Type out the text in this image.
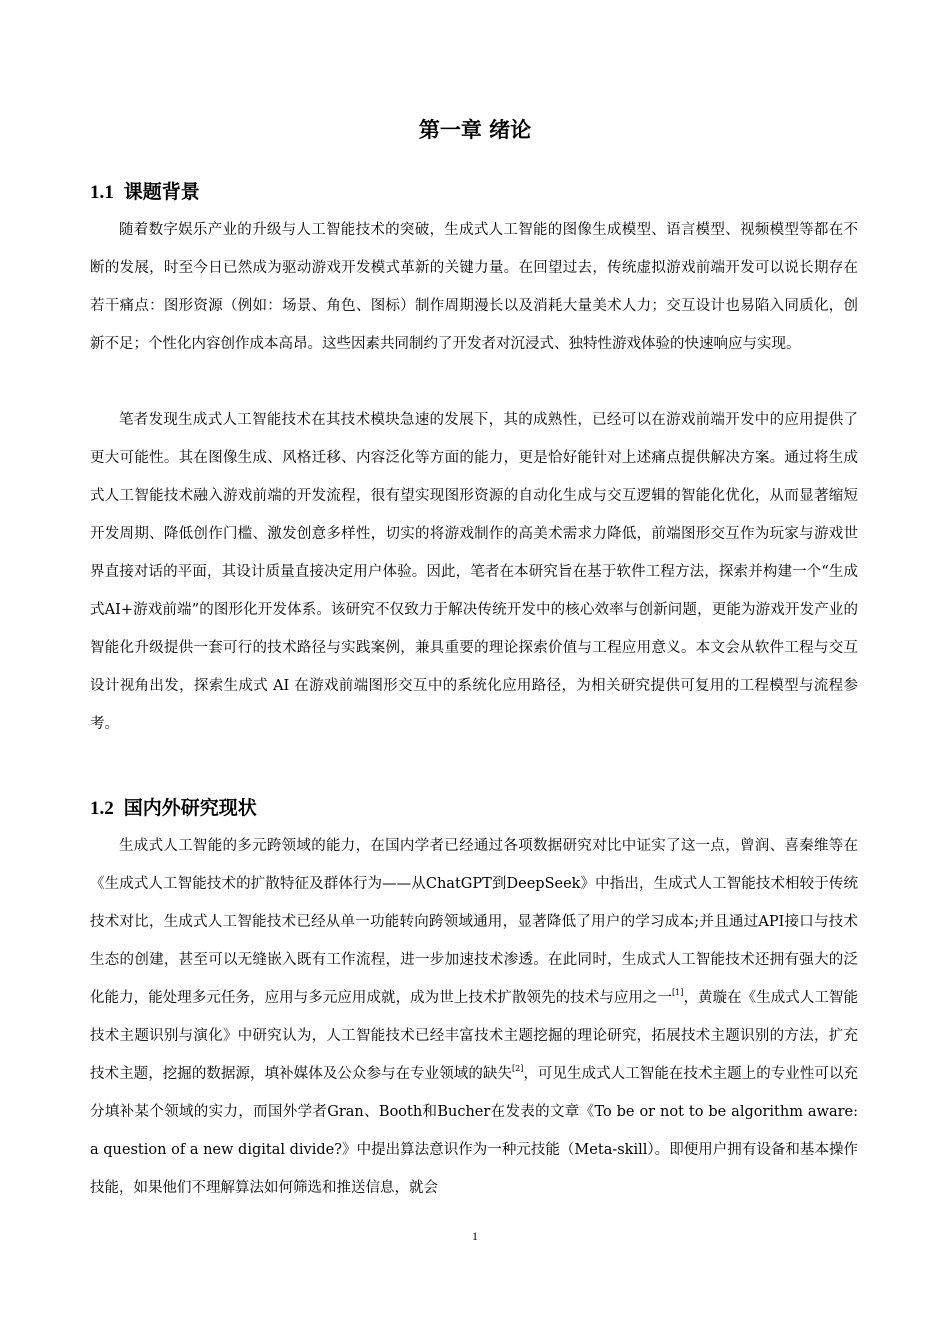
第一章 绪论
1.1 课题背景

随着数字娱乐产业的升级与人工智能技术的突破，生成式人工智能的图像生成模型、语言模型、视频模型等都在不断的发展，时至今日已然成为驱动游戏开发模式革新的关键力量。在回望过去，传统虚拟游戏前端开发可以说长期存在若干痛点：图形资源（例如：场景、角色、图标）制作周期漫长以及消耗大量美术人力；交互设计也易陷入同质化，创新不足；个性化内容创作成本高昂。这些因素共同制约了开发者对沉浸式、独特性游戏体验的快速响应与实现。

笔者发现生成式人工智能技术在其技术模块急速的发展下，其的成熟性，已经可以在游戏前端开发中的应用提供了更大可能性。其在图像生成、风格迁移、内容泛化等方面的能力，更是恰好能针对上述痛点提供解决方案。通过将生成式人工智能技术融入游戏前端的开发流程，很有望实现图形资源的自动化生成与交互逻辑的智能化优化，从而显著缩短开发周期、降低创作门槛、激发创意多样性，切实的将游戏制作的高美术需求力降低，前端图形交互作为玩家与游戏世界直接对话的平面，其设计质量直接决定用户体验。因此，笔者在本研究旨在基于软件工程方法，探索并构建一个“生成式AI+游戏前端”的图形化开发体系。该研究不仅致力于解决传统开发中的核心效率与创新问题，更能为游戏开发产业的智能化升级提供一套可行的技术路径与实践案例，兼具重要的理论探索价值与工程应用意义。本文会从软件工程与交互设计视角出发，探索生成式 AI 在游戏前端图形交互中的系统化应用路径，为相关研究提供可复用的工程模型与流程参考。

1.2 国内外研究现状

生成式人工智能的多元跨领域的能力，在国内学者已经通过各项数据研究对比中证实了这一点，曾润、喜秦维等在《生成式人工智能技术的扩散特征及群体行为——从ChatGPT到DeepSeek》中指出，生成式人工智能技术相较于传统技术对比，生成式人工智能技术已经从单一功能转向跨领域通用，显著降低了用户的学习成本;并且通过API接口与技术生态的创建，甚至可以无缝嵌入既有工作流程，进一步加速技术渗透。在此同时，生成式人工智能技术还拥有强大的泛化能力，能处理多元任务，应用与多元应用成就，成为世上技术扩散领先的技术与应用之一[1]，黄璇在《生成式人工智能技术主题识别与演化》中研究认为，人工智能技术已经丰富技术主题挖掘的理论研究，拓展技术主题识别的方法，扩充技术主题，挖掘的数据源，填补媒体及公众参与在专业领域的缺失[2]，可见生成式人工智能在技术主题上的专业性可以充分填补某个领域的实力，而国外学者Gran、Booth和Bucher在发表的文章《To be or not to be algorithm aware: a question of a new digital divide?》中提出算法意识作为一种元技能（Meta-skill）。即便用户拥有设备和基本操作技能，如果他们不理解算法如何筛选和推送信息，就会

1
